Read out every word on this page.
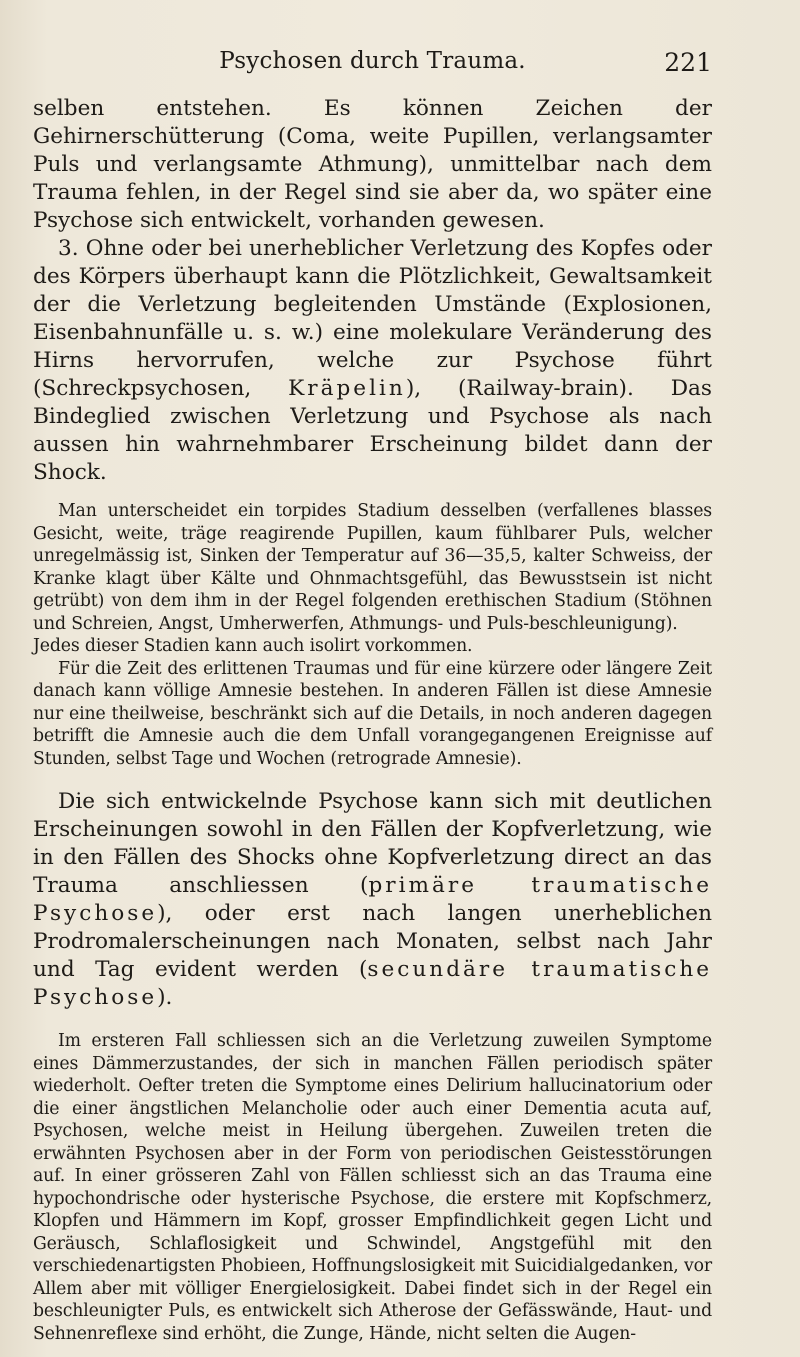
Psychosen durch Trauma.	221

selben entstehen. Es können Zeichen der Gehirnerschütterung (Coma, weite Pupillen, verlangsamter Puls und verlangsamte Athmung), unmittelbar nach dem Trauma fehlen, in der Regel sind sie aber da, wo später eine Psychose sich entwickelt, vorhanden gewesen.

3. Ohne oder bei unerheblicher Verletzung des Kopfes oder des Körpers überhaupt kann die Plötzlichkeit, Gewaltsamkeit der die Verletzung begleitenden Umstände (Explosionen, Eisenbahnunfälle u. s. w.) eine molekulare Veränderung des Hirns hervorrufen, welche zur Psychose führt (Schreckpsychosen, Kräpelin), (Railway-brain). Das Bindeglied zwischen Verletzung und Psychose als nach aussen hin wahrnehmbarer Erscheinung bildet dann der Shock.

Man unterscheidet ein torpides Stadium desselben (verfallenes blasses Gesicht, weite, träge reagirende Pupillen, kaum fühlbarer Puls, welcher unregelmässig ist, Sinken der Temperatur auf 36—35,5, kalter Schweiss, der Kranke klagt über Kälte und Ohnmachtsgefühl, das Bewusstsein ist nicht getrübt) von dem ihm in der Regel folgenden erethischen Stadium (Stöhnen und Schreien, Angst, Umherwerfen, Athmungs- und Puls-beschleunigung).

Jedes dieser Stadien kann auch isolirt vorkommen.

Für die Zeit des erlittenen Traumas und für eine kürzere oder längere Zeit danach kann völlige Amnesie bestehen. In anderen Fällen ist diese Amnesie nur eine theilweise, beschränkt sich auf die Details, in noch anderen dagegen betrifft die Amnesie auch die dem Unfall vorangegangenen Ereignisse auf Stunden, selbst Tage und Wochen (retrograde Amnesie).

Die sich entwickelnde Psychose kann sich mit deutlichen Erscheinungen sowohl in den Fällen der Kopfverletzung, wie in den Fällen des Shocks ohne Kopfverletzung direct an das Trauma anschliessen (primäre traumatische Psychose), oder erst nach langen unerheblichen Prodromalerscheinungen nach Monaten, selbst nach Jahr und Tag evident werden (secundäre traumatische Psychose).

Im ersteren Fall schliessen sich an die Verletzung zuweilen Symptome eines Dämmerzustandes, der sich in manchen Fällen periodisch später wiederholt. Oefter treten die Symptome eines Delirium hallucinatorium oder die einer ängstlichen Melancholie oder auch einer Dementia acuta auf, Psychosen, welche meist in Heilung übergehen. Zuweilen treten die erwähnten Psychosen aber in der Form von periodischen Geistesstörungen auf. In einer grösseren Zahl von Fällen schliesst sich an das Trauma eine hypochondrische oder hysterische Psychose, die erstere mit Kopfschmerz, Klopfen und Hämmern im Kopf, grosser Empfindlichkeit gegen Licht und Geräusch, Schlaflosigkeit und Schwindel, Angstgefühl mit den verschiedenartigsten Phobieen, Hoffnungslosigkeit mit Suicidialgedanken, vor Allem aber mit völliger Energielosigkeit. Dabei findet sich in der Regel ein beschleunigter Puls, es entwickelt sich Atherose der Gefässwände, Haut- und Sehnenreflexe sind erhöht, die Zunge, Hände, nicht selten die Augen-
